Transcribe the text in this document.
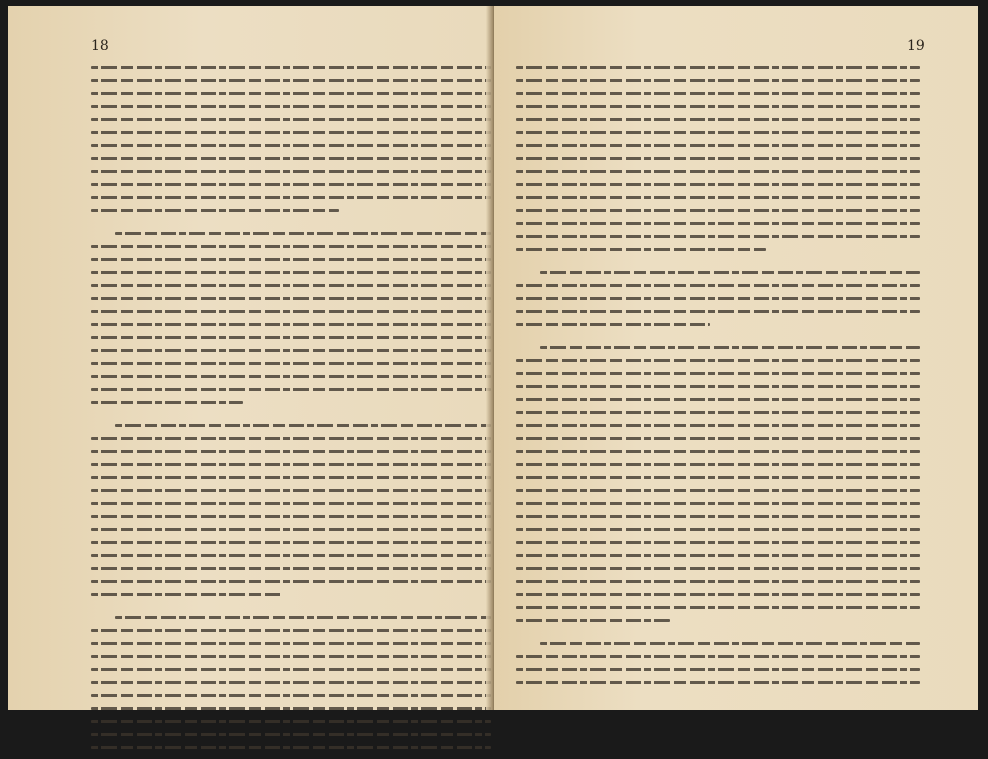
18	19
